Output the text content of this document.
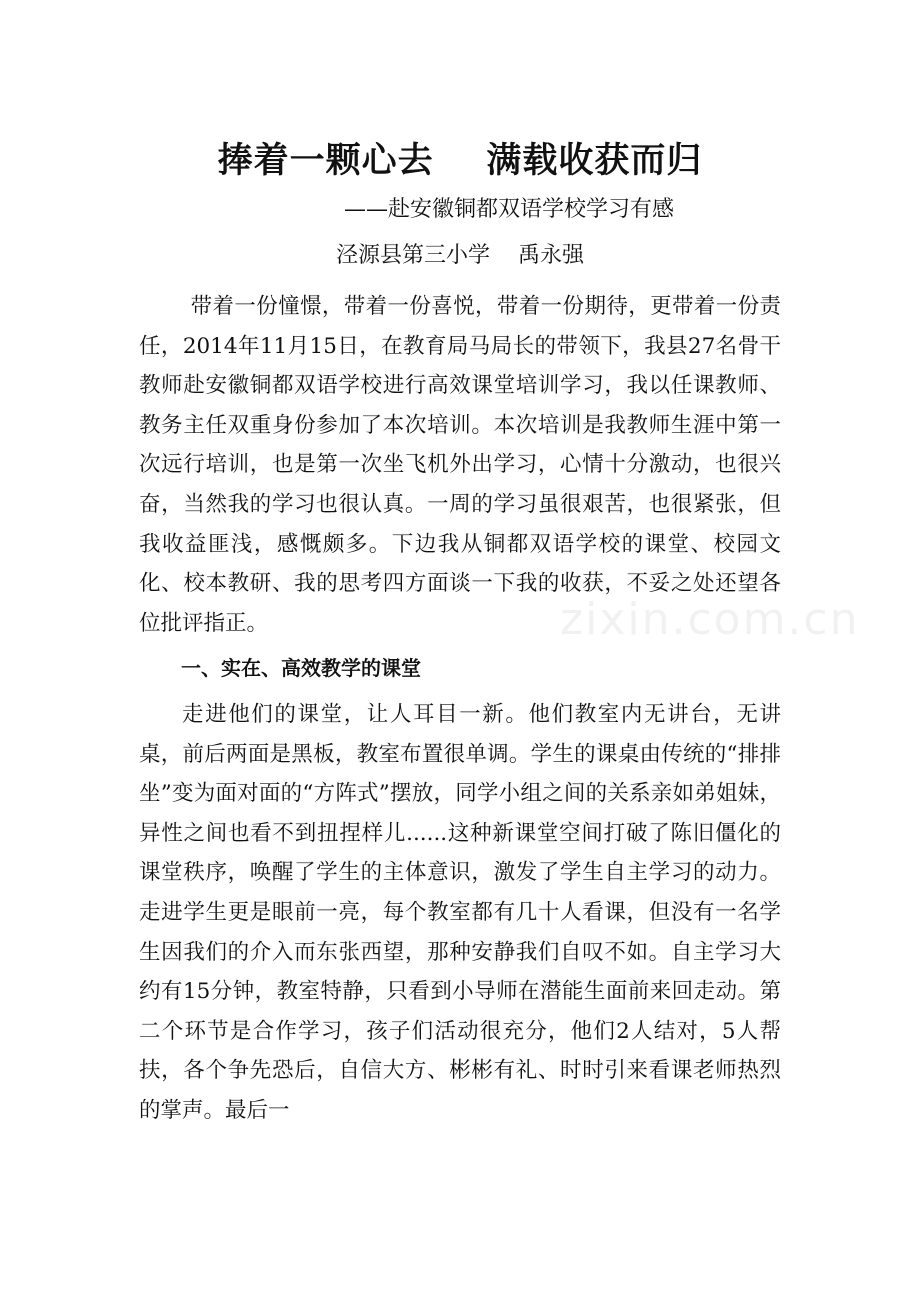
捧着一颗心去    满载收获而归
——赴安徽铜都双语学校学习有感
泾源县第三小学    禹永强

带着一份憧憬，带着一份喜悦，带着一份期待，更带着一份责任，2014年11月15日，在教育局马局长的带领下，我县27名骨干教师赴安徽铜都双语学校进行高效课堂培训学习，我以任课教师、教务主任双重身份参加了本次培训。本次培训是我教师生涯中第一次远行培训，也是第一次坐飞机外出学习，心情十分激动，也很兴奋，当然我的学习也很认真。一周的学习虽很艰苦，也很紧张，但我收益匪浅，感慨颇多。下边我从铜都双语学校的课堂、校园文化、校本教研、我的思考四方面谈一下我的收获，不妥之处还望各位批评指正。

一、实在、高效教学的课堂

走进他们的课堂，让人耳目一新。他们教室内无讲台，无讲桌，前后两面是黑板，教室布置很单调。学生的课桌由传统的“排排坐”变为面对面的“方阵式”摆放，同学小组之间的关系亲如弟姐妹，异性之间也看不到扭捏样儿......这种新课堂空间打破了陈旧僵化的课堂秩序，唤醒了学生的主体意识，激发了学生自主学习的动力。走进学生更是眼前一亮，每个教室都有几十人看课，但没有一名学生因我们的介入而东张西望，那种安静我们自叹不如。自主学习大约有15分钟，教室特静，只看到小导师在潜能生面前来回走动。第二个环节是合作学习，孩子们活动很充分，他们2人结对，5人帮扶，各个争先恐后，自信大方、彬彬有礼、时时引来看课老师热烈的掌声。最后一

zixin.com.cn
